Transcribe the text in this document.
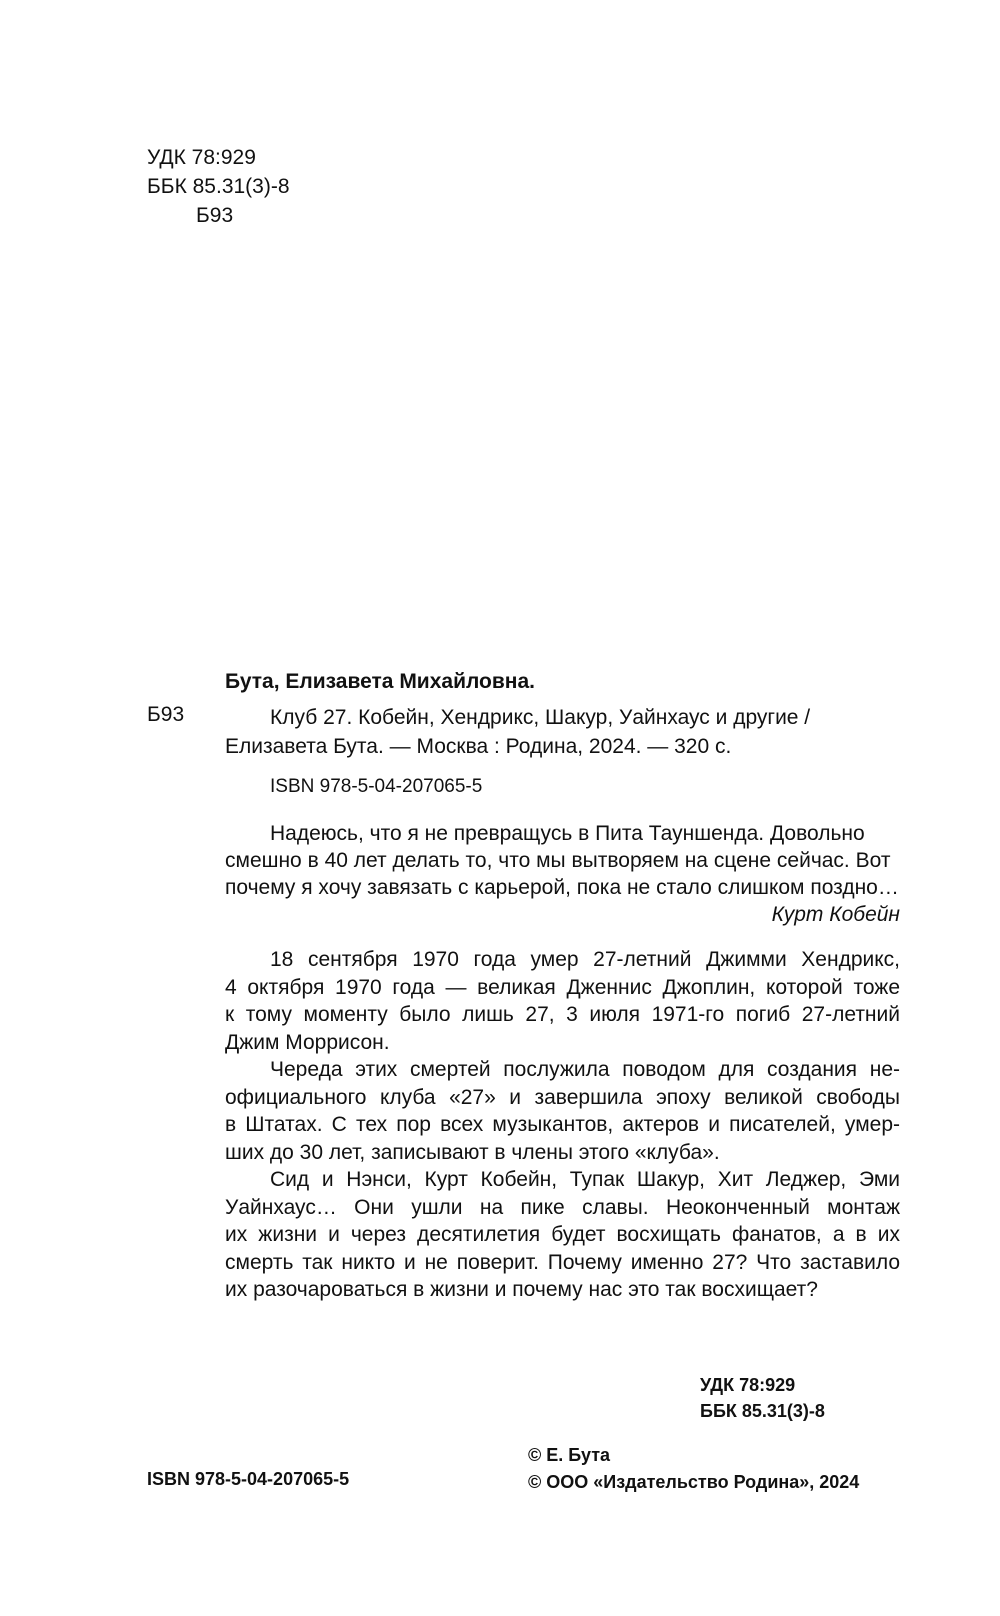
УДК 78:929
ББК 85.31(3)-8
Б93
Бута, Елизавета Михайловна.
Б93	Клуб 27. Кобейн, Хендрикс, Шакур, Уайнхаус и другие /
Елизавета Бута. — Москва : Родина, 2024. — 320 с.
ISBN 978-5-04-207065-5
Надеюсь, что я не превращусь в Пита Тауншенда. Довольно
смешно в 40 лет делать то, что мы вытворяем на сцене сейчас. Вот
почему я хочу завязать с карьерой, пока не стало слишком поздно…
Курт Кобейн
18 сентября 1970 года умер 27-летний Джимми Хендрикс,
4 октября 1970 года — великая Дженнис Джоплин, которой тоже
к тому моменту было лишь 27, 3 июля 1971-го погиб 27-летний
Джим Моррисон.
Череда этих смертей послужила поводом для создания не-
официального клуба «27» и завершила эпоху великой свободы
в Штатах. С тех пор всех музыкантов, актеров и писателей, умер-
ших до 30 лет, записывают в члены этого «клуба».
Сид и Нэнси, Курт Кобейн, Тупак Шакур, Хит Леджер, Эми
Уайнхаус… Они ушли на пике славы. Неоконченный монтаж
их жизни и через десятилетия будет восхищать фанатов, а в их
смерть так никто и не поверит. Почему именно 27? Что заставило
их разочароваться в жизни и почему нас это так восхищает?
УДК 78:929
ББК 85.31(3)-8
© Е. Бута
© ООО «Издательство Родина», 2024
ISBN 978-5-04-207065-5
